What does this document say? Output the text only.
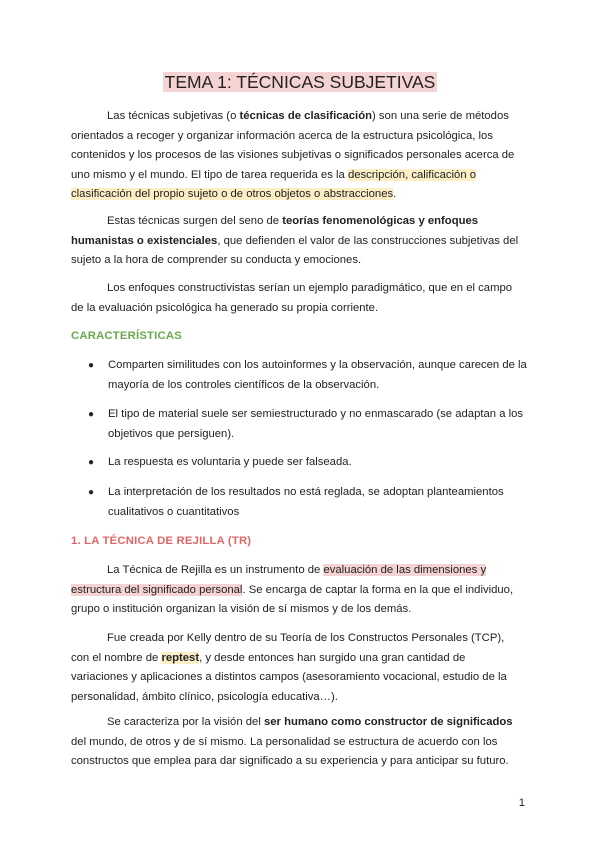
TEMA 1: TÉCNICAS SUBJETIVAS

Las técnicas subjetivas (o técnicas de clasificación) son una serie de métodos orientados a recoger y organizar información acerca de la estructura psicológica, los contenidos y los procesos de las visiones subjetivas o significados personales acerca de uno mismo y el mundo. El tipo de tarea requerida es la descripción, calificación o clasificación del propio sujeto o de otros objetos o abstracciones.

Estas técnicas surgen del seno de teorías fenomenológicas y enfoques humanistas o existenciales, que defienden el valor de las construcciones subjetivas del sujeto a la hora de comprender su conducta y emociones.

Los enfoques constructivistas serían un ejemplo paradigmático, que en el campo de la evaluación psicológica ha generado su propia corriente.

CARACTERÍSTICAS
● Comparten similitudes con los autoinformes y la observación, aunque carecen de la mayoría de los controles científicos de la observación.
● El tipo de material suele ser semiestructurado y no enmascarado (se adaptan a los objetivos que persiguen).
● La respuesta es voluntaria y puede ser falseada.
● La interpretación de los resultados no está reglada, se adoptan planteamientos cualitativos o cuantitativos
1. LA TÉCNICA DE REJILLA (TR)

La Técnica de Rejilla es un instrumento de evaluación de las dimensiones y estructura del significado personal. Se encarga de captar la forma en la que el individuo, grupo o institución organizan la visión de sí mismos y de los demás.

Fue creada por Kelly dentro de su Teoría de los Constructos Personales (TCP), con el nombre de reptest, y desde entonces han surgido una gran cantidad de variaciones y aplicaciones a distintos campos (asesoramiento vocacional, estudio de la personalidad, ámbito clínico, psicología educativa…).

Se caracteriza por la visión del ser humano como constructor de significados del mundo, de otros y de sí mismo. La personalidad se estructura de acuerdo con los constructos que emplea para dar significado a su experiencia y para anticipar su futuro.

1
